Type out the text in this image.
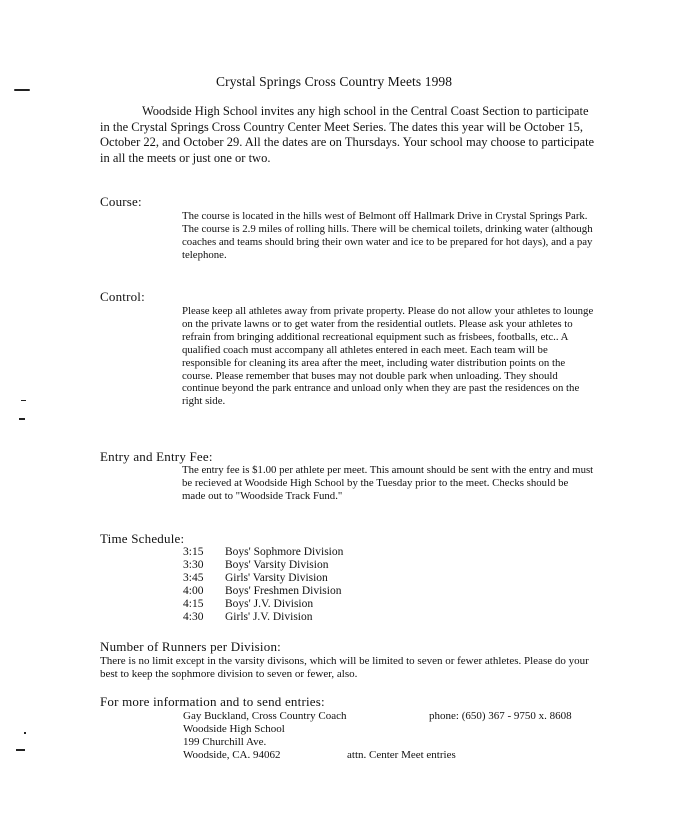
Crystal Springs Cross Country Meets 1998

Woodside High School invites any high school in the Central Coast Section to participate in the Crystal Springs Cross Country Center Meet Series. The dates this year will be October 15, October 22, and October 29. All the dates are on Thursdays. Your school may choose to participate in all the meets or just one or two.

Course:

The course is located in the hills west of Belmont off Hallmark Drive in Crystal Springs Park. The course is 2.9 miles of rolling hills. There will be chemical toilets, drinking water (although coaches and teams should bring their own water and ice to be prepared for hot days), and a pay telephone.

Control:

Please keep all athletes away from private property. Please do not allow your athletes to lounge on the private lawns or to get water from the residential outlets. Please ask your athletes to refrain from bringing additional recreational equipment such as frisbees, footballs, etc.. A qualified coach must accompany all athletes entered in each meet. Each team will be responsible for cleaning its area after the meet, including water distribution points on the course. Please remember that buses may not double park when unloading. They should continue beyond the park entrance and unload only when they are past the residences on the right side.

Entry and Entry Fee:

The entry fee is $1.00 per athlete per meet. This amount should be sent with the entry and must be recieved at Woodside High School by the Tuesday prior to the meet. Checks should be made out to "Woodside Track Fund."

Time Schedule:
3:15 Boys' Sophmore Division
3:30 Boys' Varsity Division
3:45 Girls' Varsity Division
4:00 Boys' Freshmen Division
4:15 Boys' J.V. Division
4:30 Girls' J.V. Division
Number of Runners per Division:

There is no limit except in the varsity divisons, which will be limited to seven or fewer athletes. Please do your best to keep the sophmore division to seven or fewer, also.

For more information and to send entries:
Gay Buckland, Cross Country Coach	phone: (650) 367 - 9750 x. 8608
Woodside High School
199 Churchill Ave.
Woodside, CA. 94062	attn. Center Meet entries
